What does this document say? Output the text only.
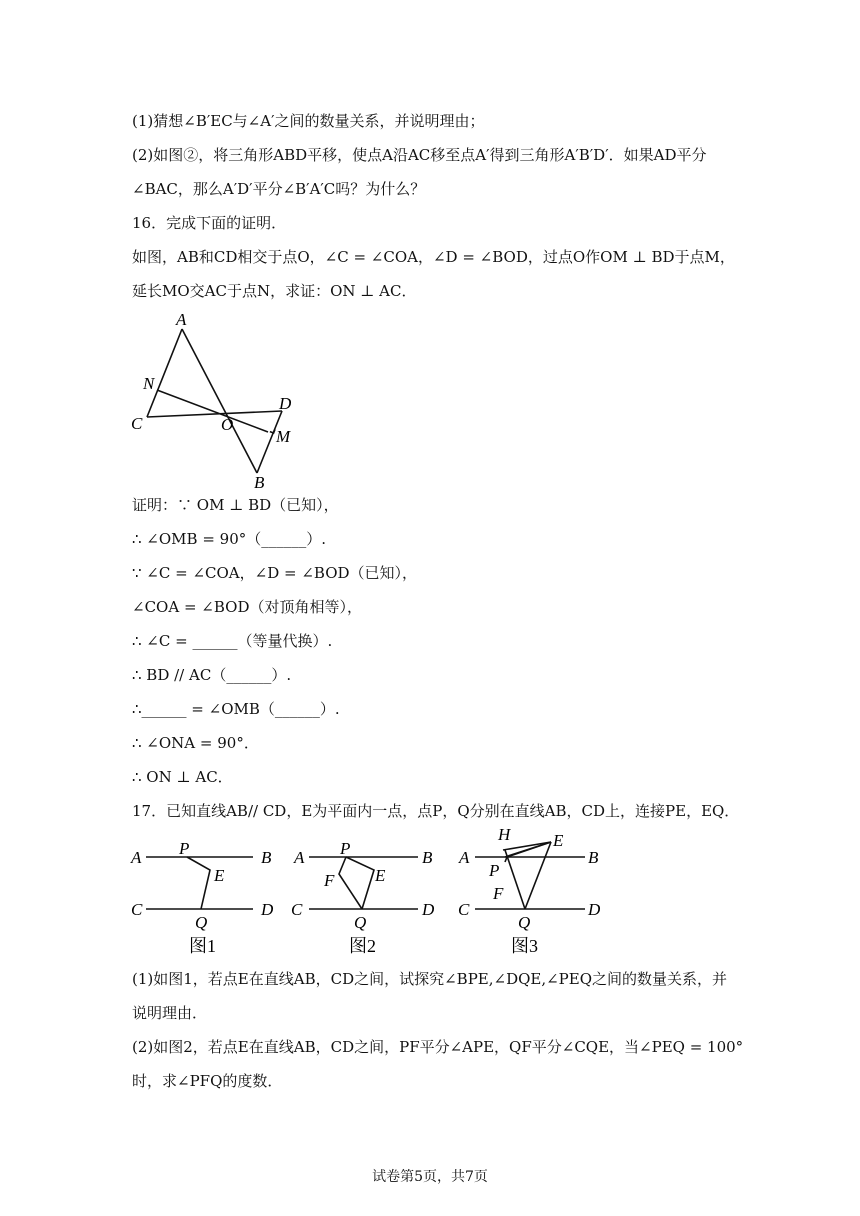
(1)猜想∠B′EC与∠A′之间的数量关系，并说明理由；
(2)如图②，将三角形ABD平移，使点A沿AC移至点A′得到三角形A′B′D′．如果AD平分
∠BAC，那么A′D′平分∠B′A′C吗？为什么？
16．完成下面的证明．
如图，AB和CD相交于点O，∠C = ∠COA，∠D = ∠BOD，过点O作OM ⊥ BD于点M，
延长MO交AC于点N，求证：ON ⊥ AC．
A
N
C	O
D
M
B
证明：∵ OM ⊥ BD（已知），
∴ ∠OMB = 90°（______）.
∵ ∠C = ∠COA，∠D = ∠BOD（已知），
∠COA = ∠BOD（对顶角相等），
∴ ∠C = ______（等量代换）.
∴ BD // AC（______）.
∴______ = ∠OMB（______）.
∴ ∠ONA = 90°．
∴ ON ⊥ AC．
17．已知直线AB// CD，E为平面内一点，点P，Q分别在直线AB，CD上，连接PE，EQ．
A P	B
E
C
Q
D
图1
A P	B
F E
C
Q
D
图2
H	E
A	B
P
F
C
Q
D
图3
(1)如图1，若点E在直线AB，CD之间，试探究∠BPE,∠DQE,∠PEQ之间的数量关系，并
说明理由．
(2)如图2，若点E在直线AB，CD之间，PF平分∠APE，QF平分∠CQE，当∠PEQ = 100°
时，求∠PFQ的度数．
试卷第5页，共7页
